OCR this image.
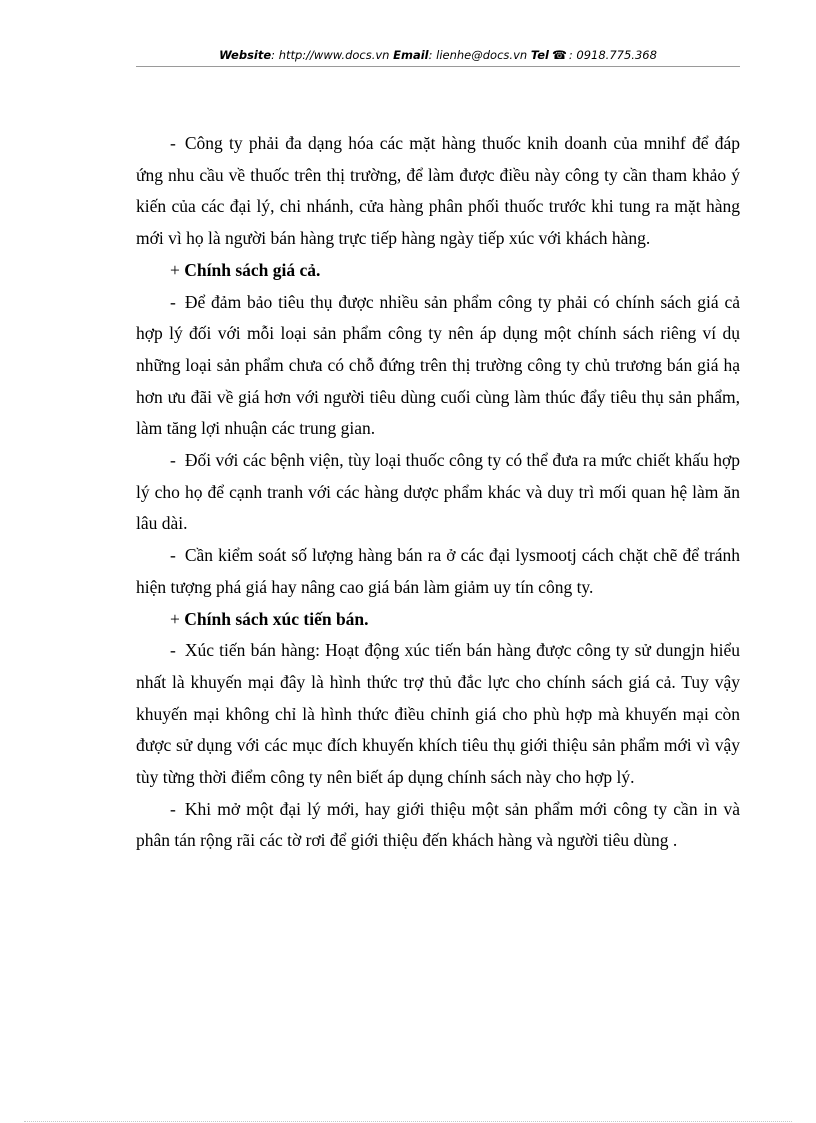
Website: http://www.docs.vn Email: lienhe@docs.vn Tel ☎ : 0918.775.368

- Công ty phải đa dạng hóa các mặt hàng thuốc knih doanh của mnihf để đáp ứng nhu cầu về thuốc trên thị trường, để làm được điều này công ty cần tham khảo ý kiến của các đại lý, chi nhánh, cửa hàng phân phối thuốc trước khi tung ra mặt hàng mới vì họ là người bán hàng trực tiếp hàng ngày tiếp xúc với khách hàng.

+ Chính sách giá cả.

- Để đảm bảo tiêu thụ được nhiều sản phẩm công ty phải có chính sách giá cả hợp lý đối với mỗi loại sản phẩm công ty nên áp dụng một chính sách riêng ví dụ những loại sản phẩm chưa có chỗ đứng trên thị trường công ty chủ trương bán giá hạ hơn ưu đãi về giá hơn với người tiêu dùng cuối cùng làm thúc đẩy tiêu thụ sản phẩm, làm tăng lợi nhuận các trung gian.

- Đối với các bệnh viện, tùy loại thuốc công ty có thể đưa ra mức chiết khấu hợp lý cho họ để cạnh tranh với các hàng dược phẩm khác và duy trì mối quan hệ làm ăn lâu dài.

- Cần kiểm soát số lượng hàng bán ra ở các đại lysmootj cách chặt chẽ để tránh hiện tượng phá giá hay nâng cao giá bán làm giảm uy tín công ty.

+ Chính sách xúc tiến bán.

- Xúc tiến bán hàng: Hoạt động xúc tiến bán hàng được công ty sử dungjn hiểu nhất là khuyến mại đây là hình thức trợ thủ đắc lực cho chính sách giá cả. Tuy vậy khuyến mại không chỉ là hình thức điều chỉnh giá cho phù hợp mà khuyến mại còn được sử dụng với các mục đích khuyến khích tiêu thụ giới thiệu sản phẩm mới vì vậy tùy từng thời điểm công ty nên biết áp dụng chính sách này cho hợp lý.

- Khi mở một đại lý mới, hay giới thiệu một sản phẩm mới công ty cần in và phân tán rộng rãi các tờ rơi để giới thiệu đến khách hàng và người tiêu dùng .
